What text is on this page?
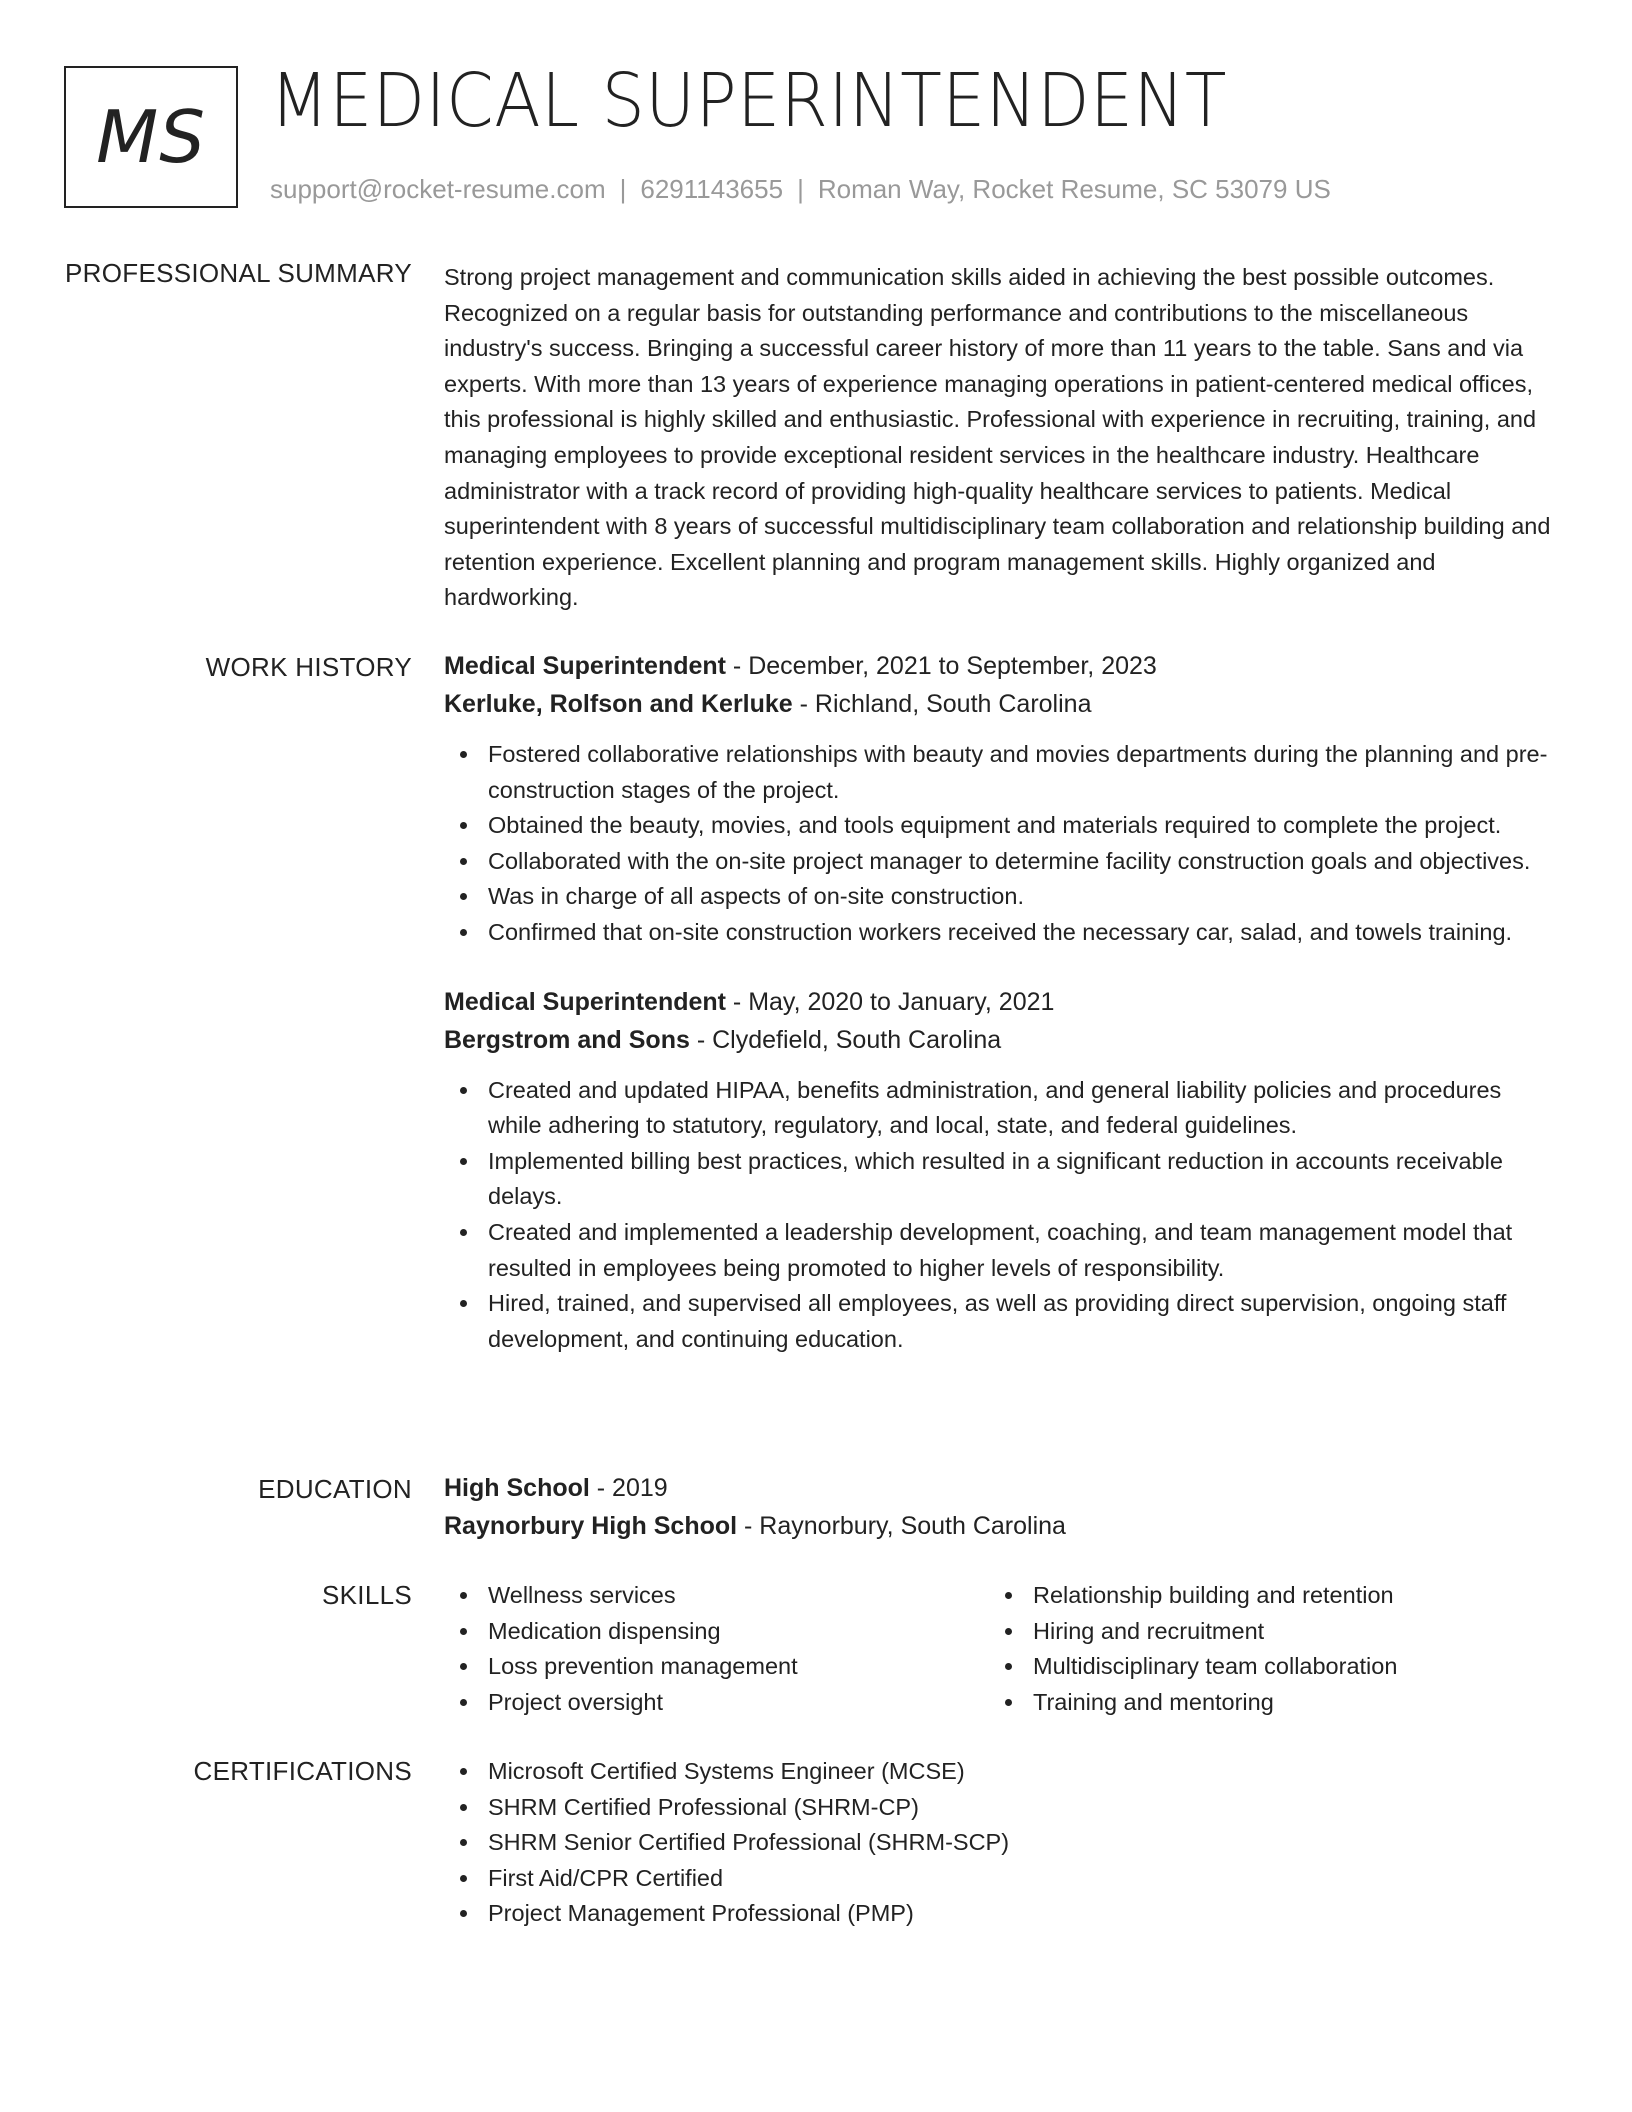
MS MEDICAL SUPERINTENDENT
support@rocket-resume.com | 6291143655 | Roman Way, Rocket Resume, SC 53079 US
PROFESSIONAL SUMMARY Strong project management and communication skills aided in achieving the best possible outcomes. Recognized on a regular basis for outstanding performance and contributions to the miscellaneous industry's success. Bringing a successful career history of more than 11 years to the table. Sans and via experts. With more than 13 years of experience managing operations in patient-centered medical offices, this professional is highly skilled and enthusiastic. Professional with experience in recruiting, training, and managing employees to provide exceptional resident services in the healthcare industry. Healthcare administrator with a track record of providing high-quality healthcare services to patients. Medical superintendent with 8 years of successful multidisciplinary team collaboration and relationship building and retention experience. Excellent planning and program management skills. Highly organized and hardworking.
WORK HISTORY Medical Superintendent - December, 2021 to September, 2023
Kerluke, Rolfson and Kerluke - Richland, South Carolina
Fostered collaborative relationships with beauty and movies departments during the planning and pre-construction stages of the project.
Obtained the beauty, movies, and tools equipment and materials required to complete the project.
Collaborated with the on-site project manager to determine facility construction goals and objectives.
Was in charge of all aspects of on-site construction.
Confirmed that on-site construction workers received the necessary car, salad, and towels training.
Medical Superintendent - May, 2020 to January, 2021
Bergstrom and Sons - Clydefield, South Carolina
Created and updated HIPAA, benefits administration, and general liability policies and procedures while adhering to statutory, regulatory, and local, state, and federal guidelines.
Implemented billing best practices, which resulted in a significant reduction in accounts receivable delays.
Created and implemented a leadership development, coaching, and team management model that resulted in employees being promoted to higher levels of responsibility.
Hired, trained, and supervised all employees, as well as providing direct supervision, ongoing staff development, and continuing education.
EDUCATION High School - 2019
Raynorbury High School - Raynorbury, South Carolina
SKILLS	Wellness services
Medication dispensing
Loss prevention management
Project oversight
Relationship building and retention
Hiring and recruitment
Multidisciplinary team collaboration
Training and mentoring
CERTIFICATIONS	Microsoft Certified Systems Engineer (MCSE)
SHRM Certified Professional (SHRM-CP)
SHRM Senior Certified Professional (SHRM-SCP)
First Aid/CPR Certified
Project Management Professional (PMP)
